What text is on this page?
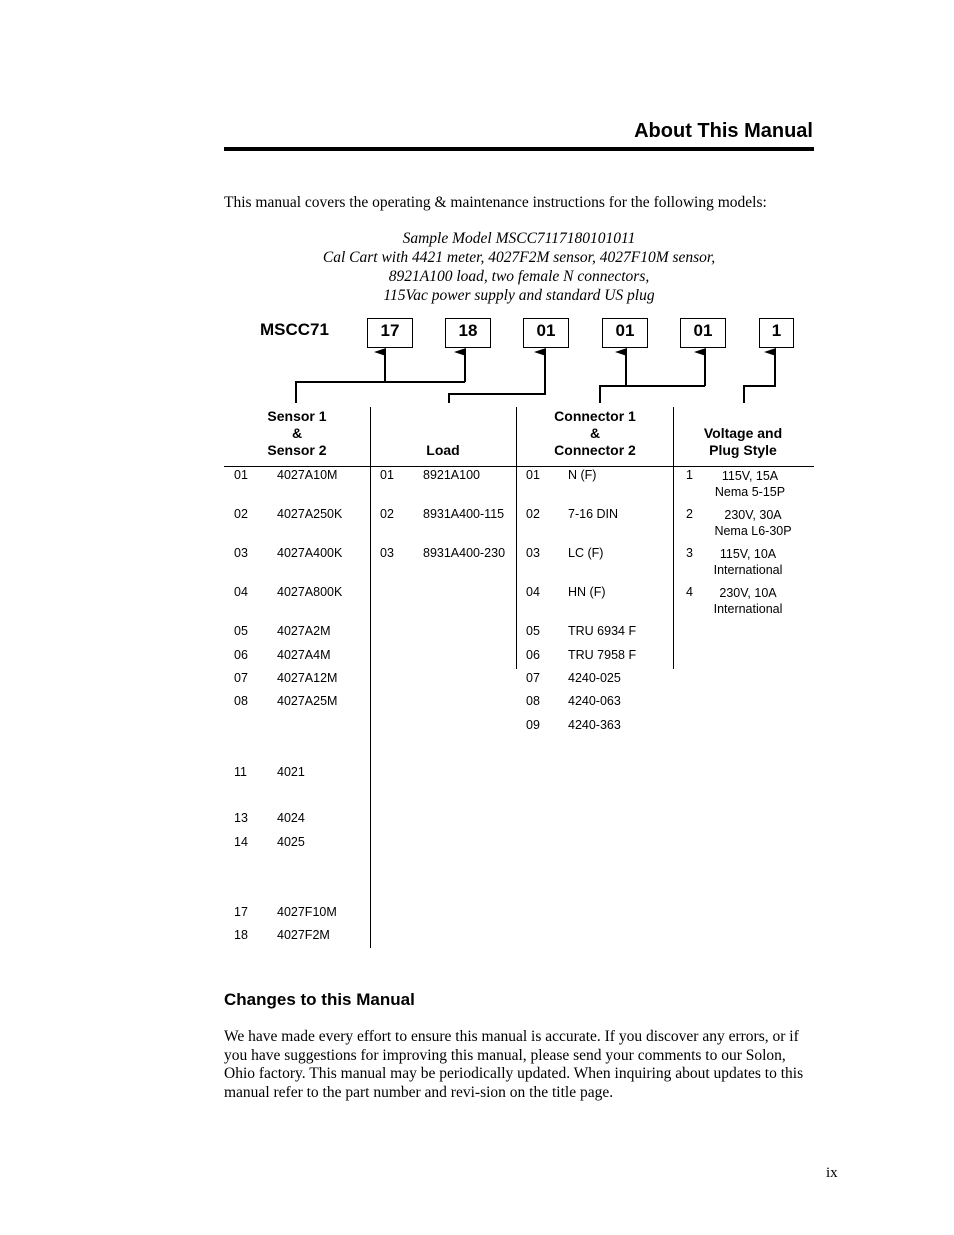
About This Manual
This manual covers the operating & maintenance instructions for the following models:
Sample Model MSCC7117180101011
Cal Cart with 4421 meter, 4027F2M sensor, 4027F10M sensor,
8921A100 load, two female N connectors,
115Vac power supply and standard US plug
MSCC71	17	18	01	01	01	1
Sensor 1
&
Sensor 2	Load
Connector 1
&
Connector 2
Voltage and
Plug Style
01 4027A10M
02 4027A250K
03 4027A400K
04 4027A800K
05 4027A2M
06 4027A4M
07 4027A12M
08 4027A25M
11 4021
13 4024
14 4025
17 4027F10M
18 4027F2M
01 8921A100
02 8931A400-115
03 8931A400-230
01 N (F)
02 7-16 DIN
03 LC (F)
04 HN (F)
05 TRU 6934 F
06 TRU 7958 F
07 4240-025
08 4240-063
09 4240-363
1	115V, 15A
Nema 5-15P
2	230V, 30A
Nema L6-30P
3	115V, 10A
International
4	230V, 10A
International
Changes to this Manual
We have made every effort to ensure this manual is accurate. If you discover any errors, or if you have suggestions for improving this manual, please send your comments to our Solon, Ohio factory. This manual may be periodically updated. When inquiring about updates to this manual refer to the part number and revi-sion on the title page.
ix
